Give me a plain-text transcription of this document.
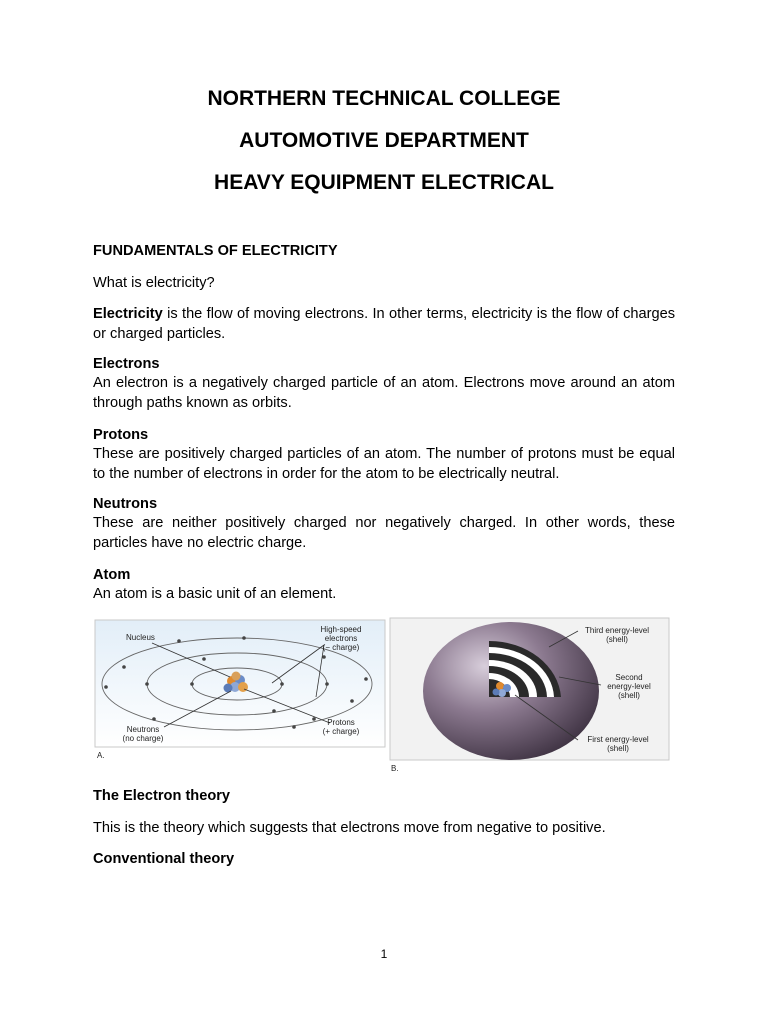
NORTHERN TECHNICAL COLLEGE
AUTOMOTIVE DEPARTMENT
HEAVY EQUIPMENT ELECTRICAL
FUNDAMENTALS OF ELECTRICITY
What is electricity?
Electricity is the flow of moving electrons. In other terms, electricity is the flow of charges or charged particles.
Electrons
An electron is a negatively charged particle of an atom. Electrons move around an atom through paths known as orbits.
Protons
These are positively charged particles of an atom. The number of protons must be equal to the number of electrons in order for the atom to be electrically neutral.
Neutrons
These are neither positively charged nor negatively charged. In other words, these particles have no electric charge.
Atom
An atom is a basic unit of an element.
Nucleus
High-speed
electrons
(− charge)
Neutrons
(no charge)
Protons
(+ charge)
A.
Third energy-level
(shell)
Second
energy-level
(shell)
First energy-level
(shell)
B.
The Electron theory
This is the theory which suggests that electrons move from negative to positive.
Conventional theory
1
